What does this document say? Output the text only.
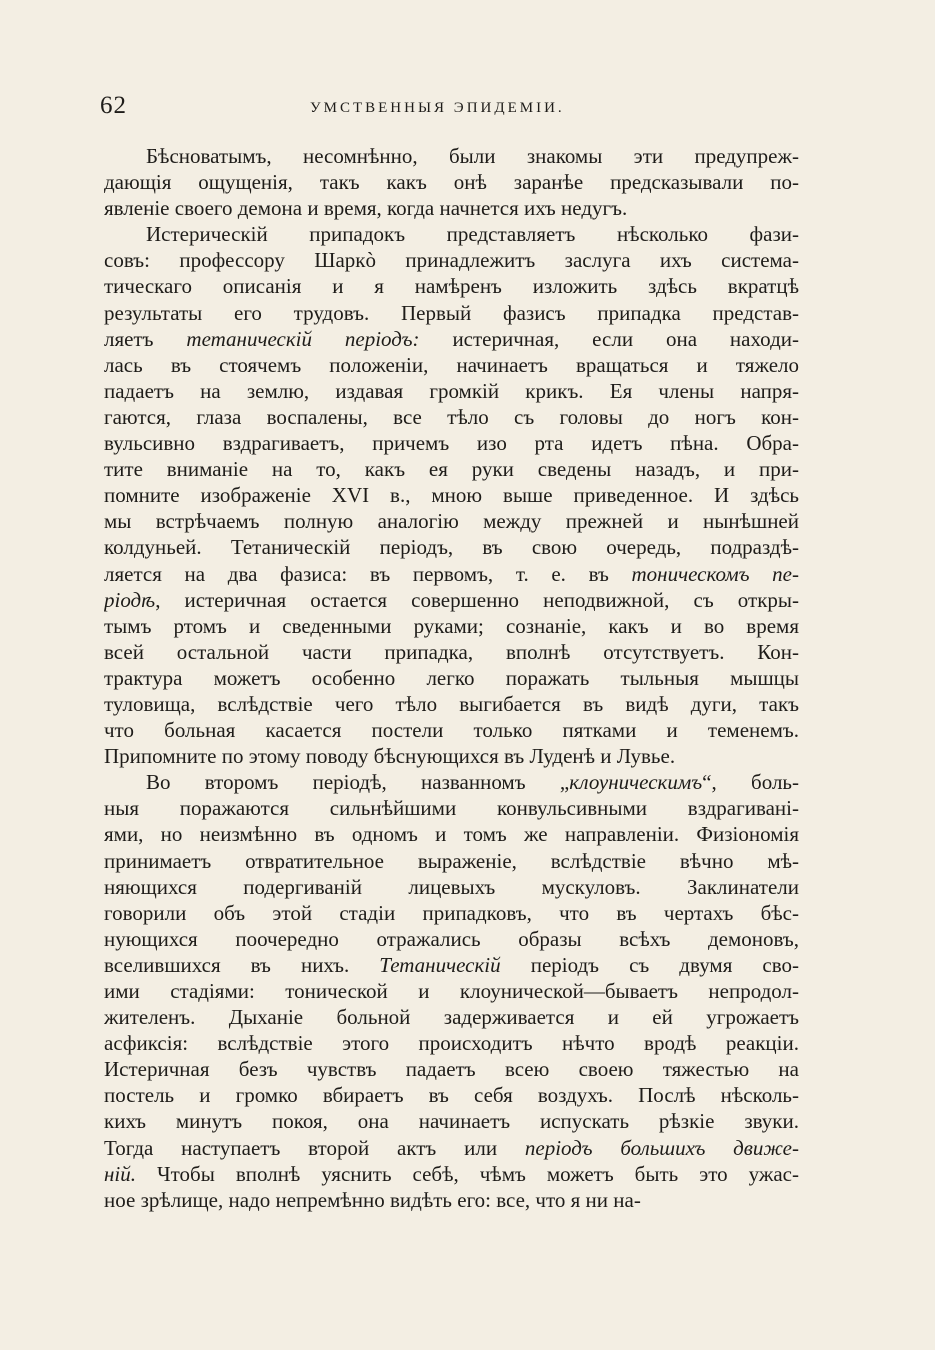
62	УМСТВЕННЫЯ ЭПИДЕМІИ.
Бѣсноватымъ, несомнѣнно, были знакомы эти предупреж-
дающія ощущенія, такъ какъ онѣ заранѣе предсказывали по-
явленіе своего демона и время, когда начнется ихъ недугъ.
Истерическій припадокъ представляетъ нѣсколько фази-
совъ: профессору Шаркò принадлежитъ заслуга ихъ система-
тическаго описанія и я намѣренъ изложить здѣсь вкратцѣ
результаты его трудовъ. Первый фазисъ припадка представ-
ляетъ тетаническій періодъ: истеричная, если она находи-
лась въ стоячемъ положеніи, начинаетъ вращаться и тяжело
падаетъ на землю, издавая громкій крикъ. Ея члены напря-
гаются, глаза воспалены, все тѣло съ головы до ногъ кон-
вульсивно вздрагиваетъ, причемъ изо рта идетъ пѣна. Обра-
тите вниманіе на то, какъ ея руки сведены назадъ, и при-
помните изображеніе XVI в., мною выше приведенное. И здѣсь
мы встрѣчаемъ полную аналогію между прежней и нынѣшней
колдуньей. Тетаническій періодъ, въ свою очередь, подраздѣ-
ляется на два фазиса: въ первомъ, т. е. въ тоническомъ пе-
ріодѣ, истеричная остается совершенно неподвижной, съ откры-
тымъ ртомъ и сведенными руками; сознаніе, какъ и во время
всей остальной части припадка, вполнѣ отсутствуетъ. Кон-
трактура можетъ особенно легко поражать тыльныя мышцы
туловища, вслѣдствіе чего тѣло выгибается въ видѣ дуги, такъ
что больная касается постели только пятками и теменемъ.
Припомните по этому поводу бѣснующихся въ Луденѣ и Лувье.
Во второмъ періодѣ, названномъ „клоуническимъ“, боль-
ныя поражаются сильнѣйшими конвульсивными вздрагивані-
ями, но неизмѣнно въ одномъ и томъ же направленіи. Физіономія
принимаетъ отвратительное выраженіе, вслѣдствіе вѣчно мѣ-
няющихся подергиваній лицевыхъ мускуловъ. Заклинатели
говорили объ этой стадіи припадковъ, что въ чертахъ бѣс-
нующихся поочередно отражались образы всѣхъ демоновъ,
вселившихся въ нихъ. Тетаническій періодъ съ двумя сво-
ими стадіями: тонической и клоунической—бываетъ непродол-
жителенъ. Дыханіе больной задерживается и ей угрожаетъ
асфиксія: вслѣдствіе этого происходитъ нѣчто вродѣ реакціи.
Истеричная безъ чувствъ падаетъ всею своею тяжестью на
постель и громко вбираетъ въ себя воздухъ. Послѣ нѣсколь-
кихъ минутъ покоя, она начинаетъ испускать рѣзкіе звуки.
Тогда наступаетъ второй актъ или періодъ большихъ движе-
ній. Чтобы вполнѣ уяснить себѣ, чѣмъ можетъ быть это ужас-
ное зрѣлище, надо непремѣнно видѣть его: все, что я ни на-
